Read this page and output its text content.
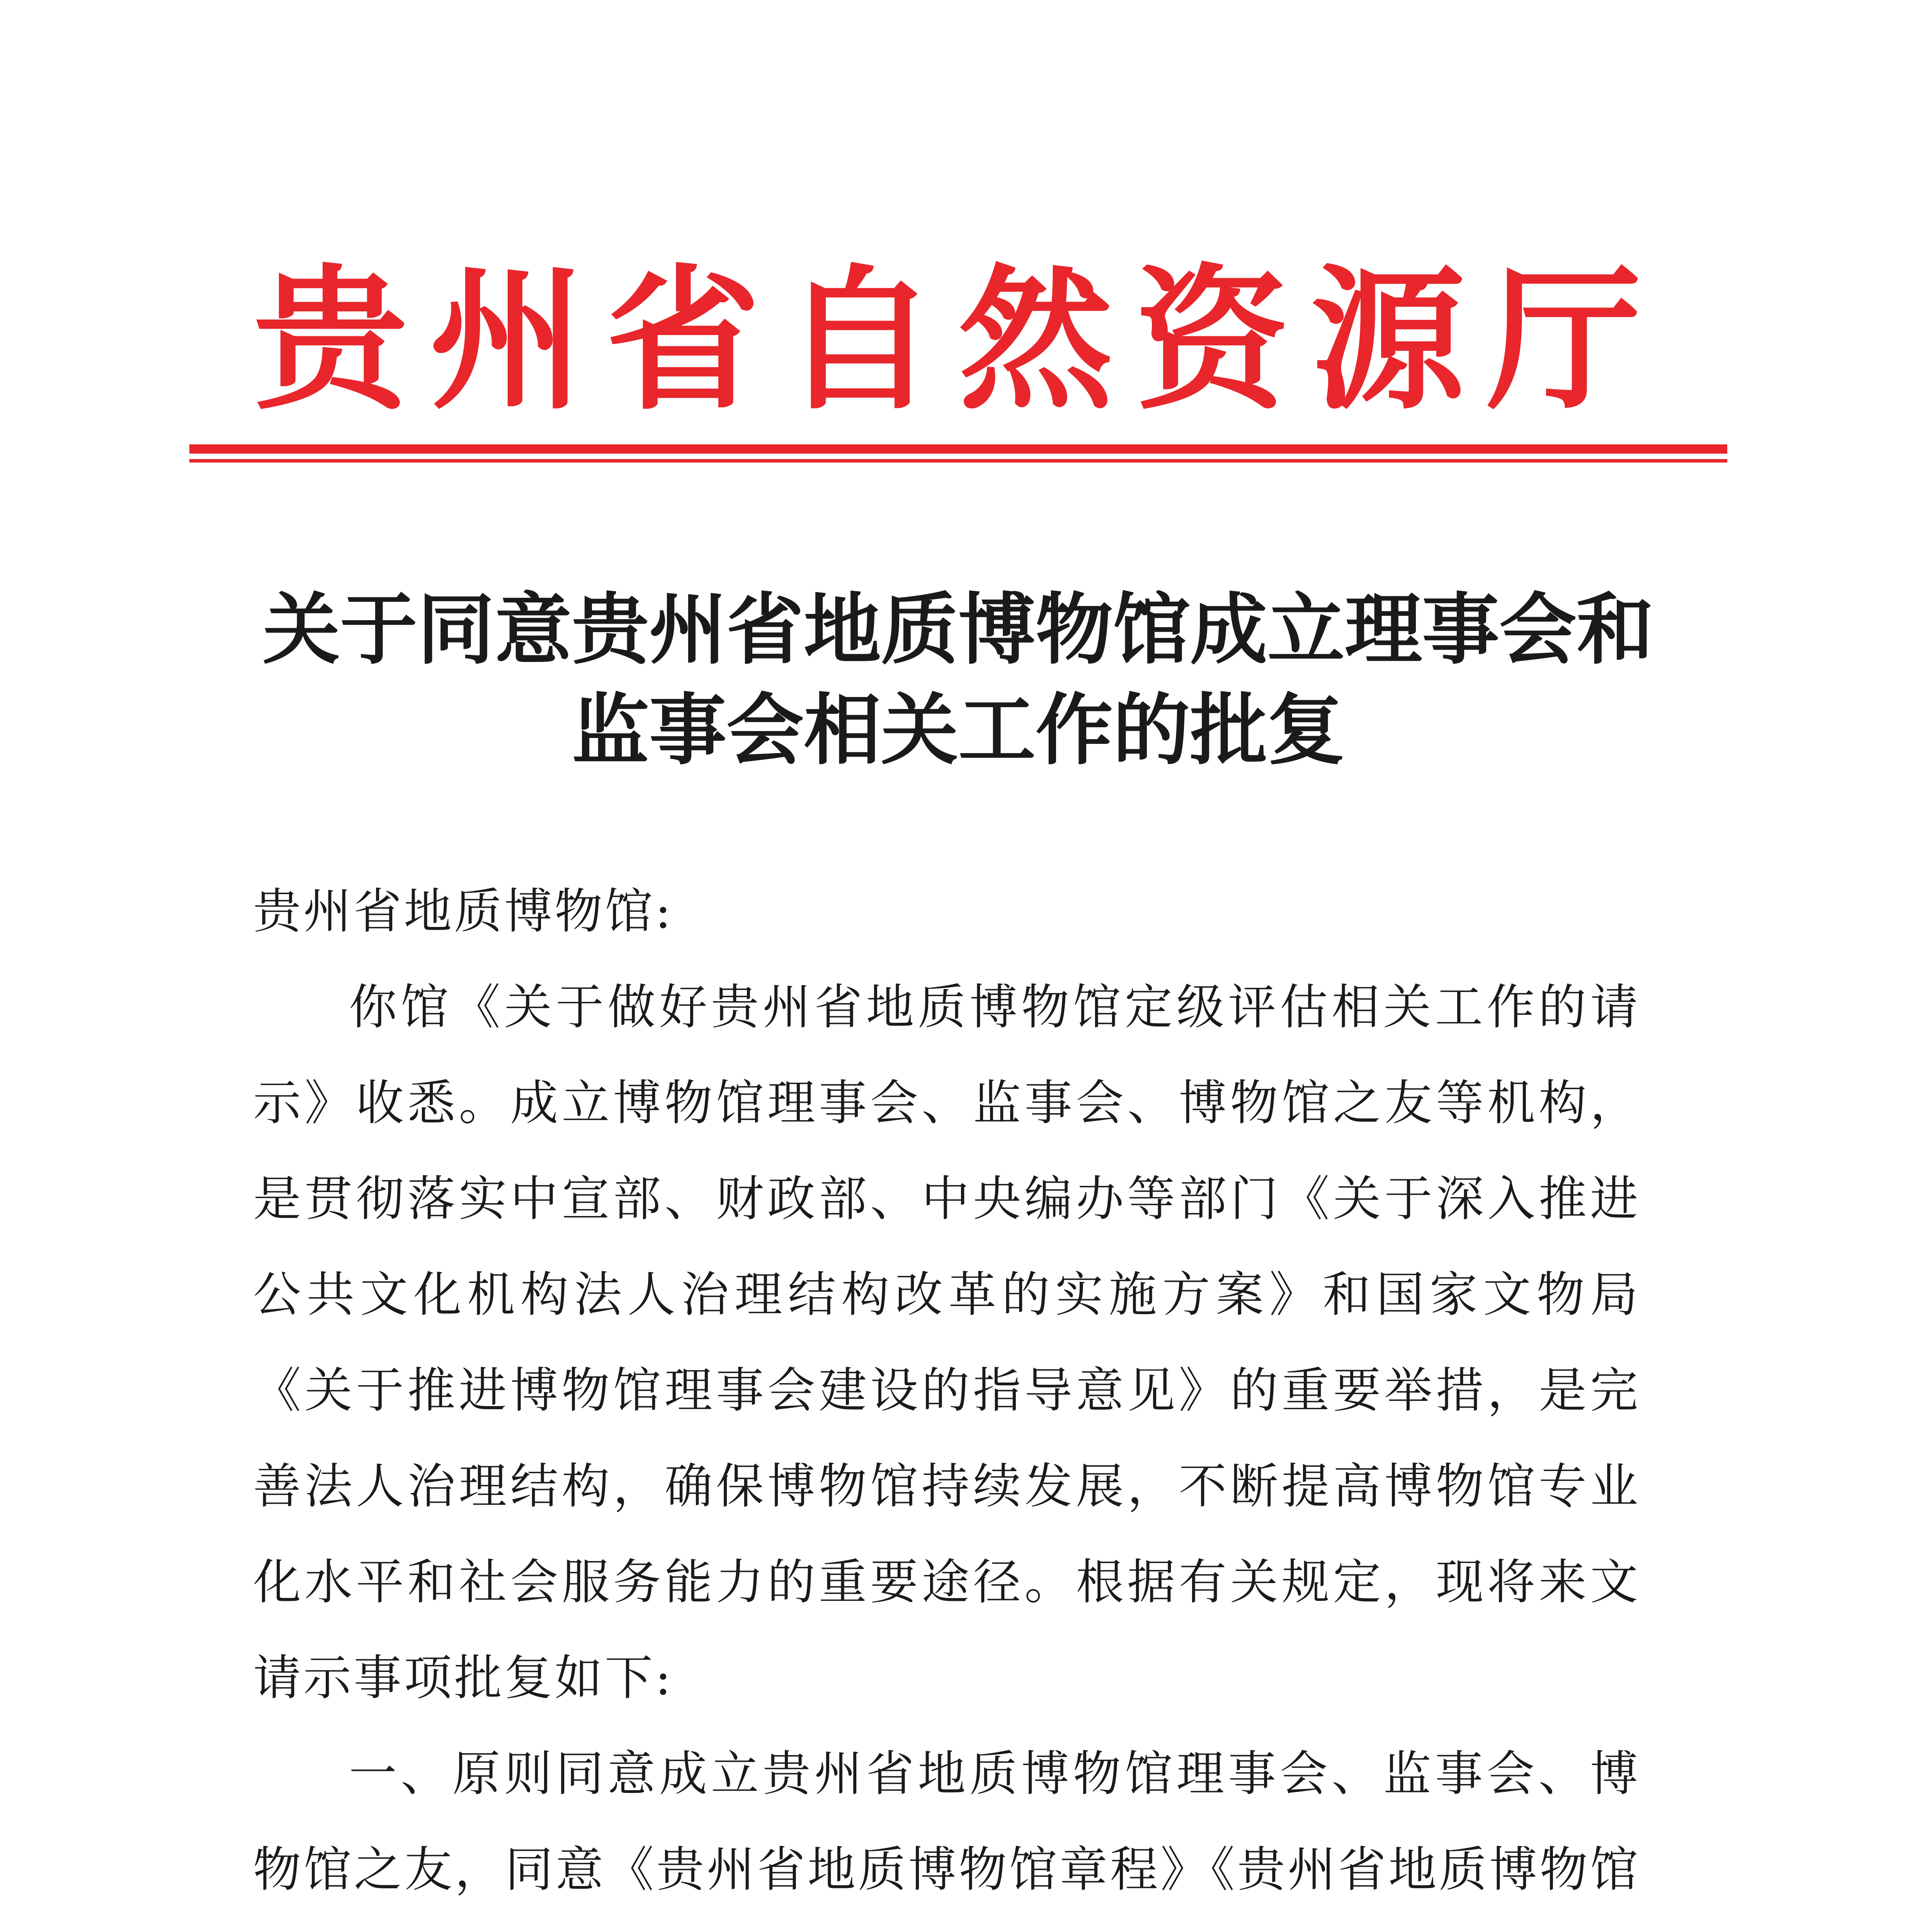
贵州省自然资源厅
关于同意贵州省地质博物馆成立理事会和
监事会相关工作的批复

贵州省地质博物馆:

你馆《关于做好贵州省地质博物馆定级评估相关工作的请示》收悉。成立博物馆理事会、监事会、博物馆之友等机构，是贯彻落实中宣部、财政部、中央编办等部门《关于深入推进公共文化机构法人治理结构改革的实施方案》和国家文物局《关于推进博物馆理事会建设的指导意见》的重要举措，是完善法人治理结构，确保博物馆持续发展，不断提高博物馆专业化水平和社会服务能力的重要途径。根据有关规定，现将来文请示事项批复如下:

一、原则同意成立贵州省地质博物馆理事会、监事会、博物馆之友，同意《贵州省地质博物馆章程》《贵州省地质博物馆
